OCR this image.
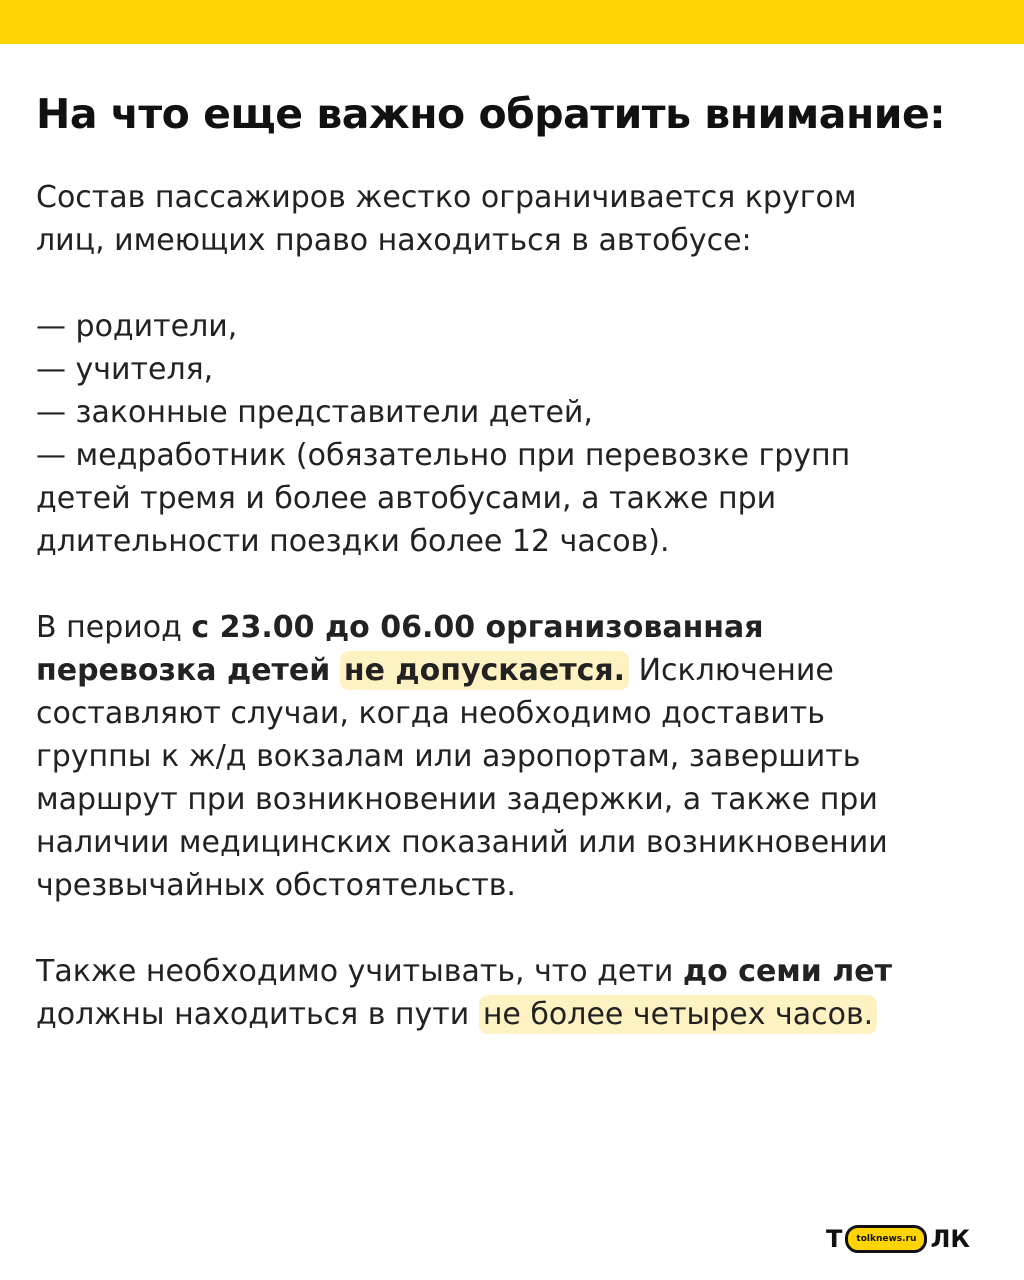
На что еще важно обратить внимание:
Состав пассажиров жестко ограничивается кругом
лиц, имеющих право находиться в автобусе:
— родители,
— учителя,
— законные представители детей,
— медработник (обязательно при перевозке групп
детей тремя и более автобусами, а также при
длительности поездки более 12 часов).
В период с 23.00 до 06.00 организованная
перевозка детей не допускается. Исключение
составляют случаи, когда необходимо доставить
группы к ж/д вокзалам или аэропортам, завершить
маршрут при возникновении задержки, а также при
наличии медицинских показаний или возникновении
чрезвычайных обстоятельств.
Также необходимо учитывать, что дети до семи лет
должны находиться в пути не более четырех часов.
Т	tolknews.ru ЛК
